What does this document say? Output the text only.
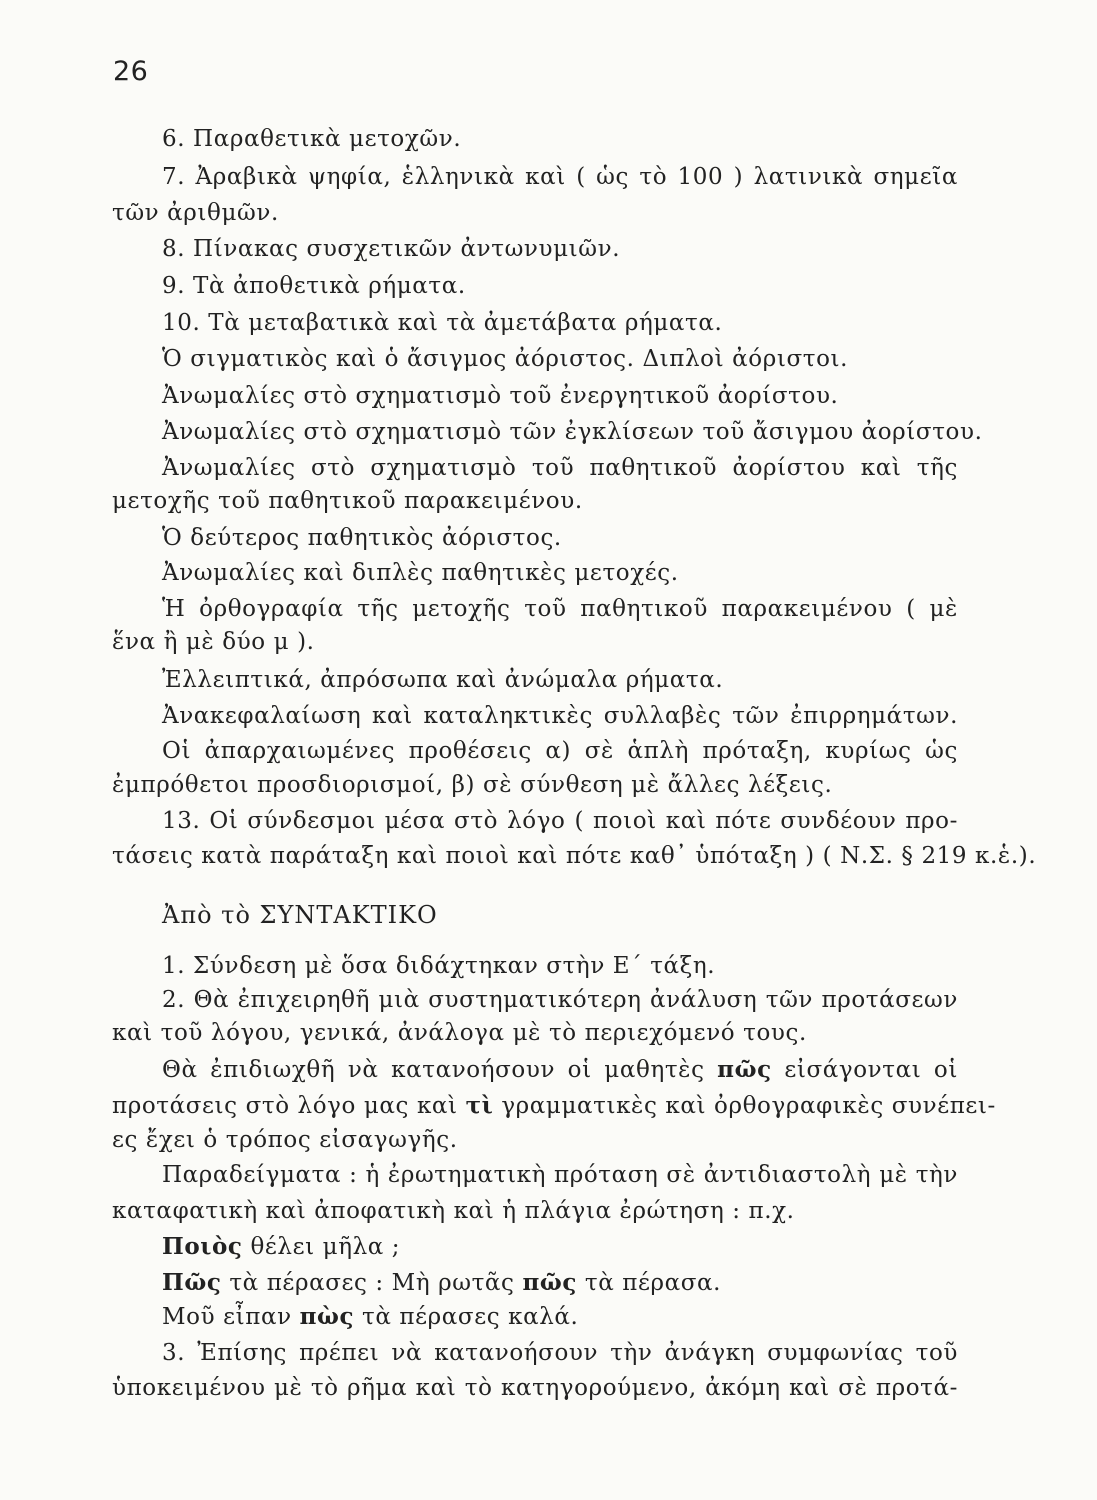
26
6. Παραθετικὰ μετοχῶν.
7. Ἀραβικὰ ψηφία, ἑλληνικὰ καὶ ( ὡς τὸ 100 ) λατινικὰ σημεῖα
τῶν ἀριθμῶν.
8. Πίνακας συσχετικῶν ἀντωνυμιῶν.
9. Τὰ ἀποθετικὰ ρήματα.
10. Τὰ μεταβατικὰ καὶ τὰ ἀμετάβατα ρήματα.
Ὁ σιγματικὸς καὶ ὁ ἄσιγμος ἀόριστος. Διπλοὶ ἀόριστοι.
Ἀνωμαλίες στὸ σχηματισμὸ τοῦ ἐνεργητικοῦ ἀορίστου.
Ἀνωμαλίες στὸ σχηματισμὸ τῶν ἐγκλίσεων τοῦ ἄσιγμου ἀορίστου.
Ἀνωμαλίες στὸ σχηματισμὸ τοῦ παθητικοῦ ἀορίστου καὶ τῆς
μετοχῆς τοῦ παθητικοῦ παρακειμένου.
Ὁ δεύτερος παθητικὸς ἀόριστος.
Ἀνωμαλίες καὶ διπλὲς παθητικὲς μετοχές.
Ἡ ὀρθογραφία τῆς μετοχῆς τοῦ παθητικοῦ παρακειμένου ( μὲ
ἕνα ἢ μὲ δύο μ ).
Ἐλλειπτικά, ἀπρόσωπα καὶ ἀνώμαλα ρήματα.
Ἀνακεφαλαίωση καὶ καταληκτικὲς συλλαβὲς τῶν ἐπιρρημάτων.
Οἱ ἀπαρχαιωμένες προθέσεις α) σὲ ἁπλὴ πρόταξη, κυρίως ὡς
ἐμπρόθετοι προσδιορισμοί, β) σὲ σύνθεση μὲ ἄλλες λέξεις.
13. Οἱ σύνδεσμοι μέσα στὸ λόγο ( ποιοὶ καὶ πότε συνδέουν προ-
τάσεις κατὰ παράταξη καὶ ποιοὶ καὶ πότε καθ᾽ ὑπόταξη ) ( Ν.Σ. § 219 κ.ἑ.).
Ἀπὸ τὸ ΣΥΝΤΑΚΤΙΚΟ
1. Σύνδεση μὲ ὅσα διδάχτηκαν στὴν Ε΄ τάξη.
2. Θὰ ἐπιχειρηθῆ μιὰ συστηματικότερη ἀνάλυση τῶν προτάσεων
καὶ τοῦ λόγου, γενικά, ἀνάλογα μὲ τὸ περιεχόμενό τους.
Θὰ ἐπιδιωχθῆ νὰ κατανοήσουν οἱ μαθητὲς πῶς εἰσάγονται οἱ
προτάσεις στὸ λόγο μας καὶ τὶ γραμματικὲς καὶ ὀρθογραφικὲς συνέπει-
ες ἔχει ὁ τρόπος εἰσαγωγῆς.
Παραδείγματα : ἡ ἐρωτηματικὴ πρόταση σὲ ἀντιδιαστολὴ μὲ τὴν
καταφατικὴ καὶ ἀποφατικὴ καὶ ἡ πλάγια ἐρώτηση : π.χ.
Ποιὸς θέλει μῆλα ;
Πῶς τὰ πέρασες : Μὴ ρωτᾶς πῶς τὰ πέρασα.
Μοῦ εἶπαν πὼς τὰ πέρασες καλά.
3. Ἐπίσης πρέπει νὰ κατανοήσουν τὴν ἀνάγκη συμφωνίας τοῦ
ὑποκειμένου μὲ τὸ ρῆμα καὶ τὸ κατηγορούμενο, ἀκόμη καὶ σὲ προτά-
